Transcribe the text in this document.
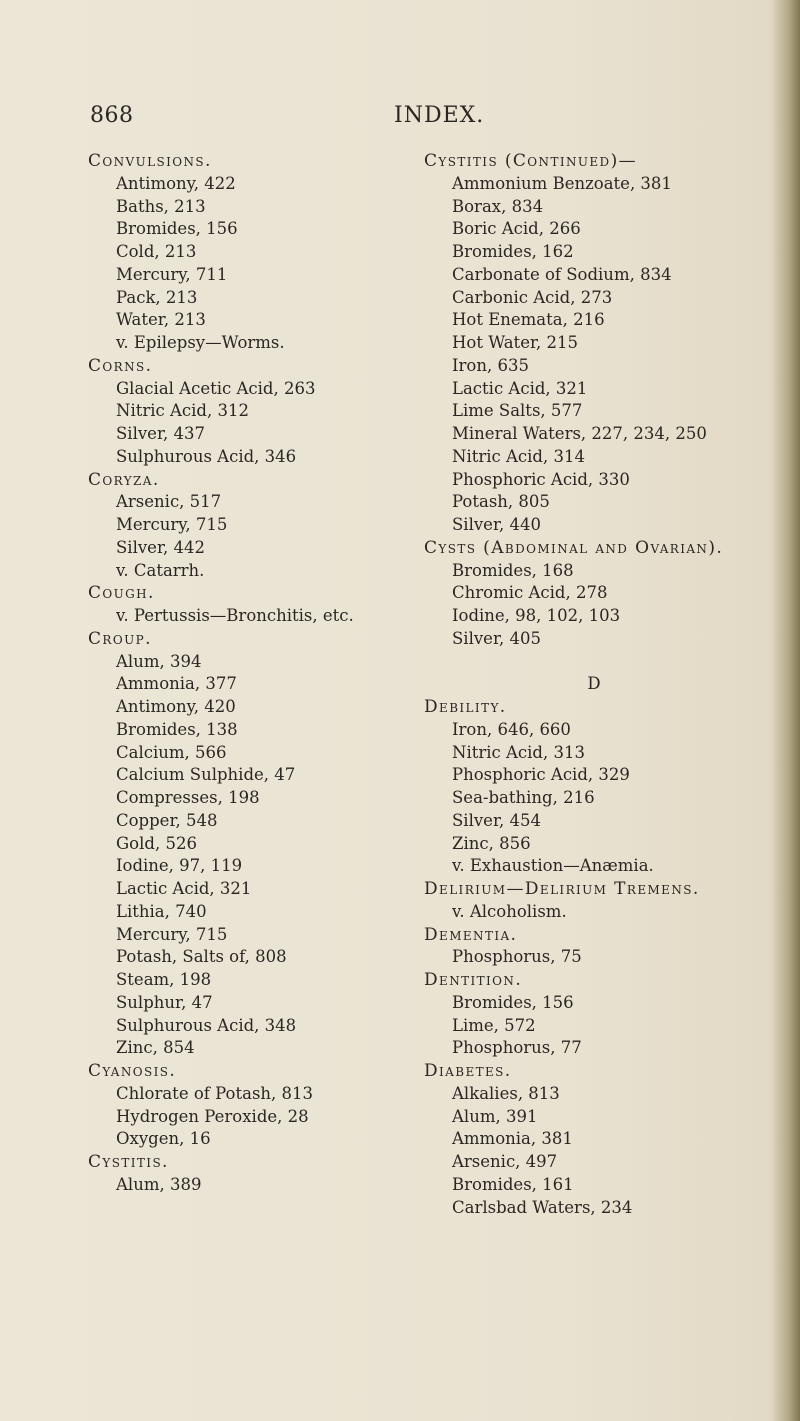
868	INDEX.
Convulsions.
Antimony, 422
Baths, 213
Bromides, 156
Cold, 213
Mercury, 711
Pack, 213
Water, 213
v. Epilepsy—Worms.
Corns.
Glacial Acetic Acid, 263
Nitric Acid, 312
Silver, 437
Sulphurous Acid, 346
Coryza.
Arsenic, 517
Mercury, 715
Silver, 442
v. Catarrh.
Cough.
v. Pertussis—Bronchitis, etc.
Croup.
Alum, 394
Ammonia, 377
Antimony, 420
Bromides, 138
Calcium, 566
Calcium Sulphide, 47
Compresses, 198
Copper, 548
Gold, 526
Iodine, 97, 119
Lactic Acid, 321
Lithia, 740
Mercury, 715
Potash, Salts of, 808
Steam, 198
Sulphur, 47
Sulphurous Acid, 348
Zinc, 854
Cyanosis.
Chlorate of Potash, 813
Hydrogen Peroxide, 28
Oxygen, 16
Cystitis.
Alum, 389
Cystitis (Continued)—
Ammonium Benzoate, 381
Borax, 834
Boric Acid, 266
Bromides, 162
Carbonate of Sodium, 834
Carbonic Acid, 273
Hot Enemata, 216
Hot Water, 215
Iron, 635
Lactic Acid, 321
Lime Salts, 577
Mineral Waters, 227, 234, 250
Nitric Acid, 314
Phosphoric Acid, 330
Potash, 805
Silver, 440
Cysts (Abdominal and Ovarian).
Bromides, 168
Chromic Acid, 278
Iodine, 98, 102, 103
Silver, 405
D
Debility.
Iron, 646, 660
Nitric Acid, 313
Phosphoric Acid, 329
Sea-bathing, 216
Silver, 454
Zinc, 856
v. Exhaustion—Anæmia.
Delirium—Delirium Tremens.
v. Alcoholism.
Dementia.
Phosphorus, 75
Dentition.
Bromides, 156
Lime, 572
Phosphorus, 77
Diabetes.
Alkalies, 813
Alum, 391
Ammonia, 381
Arsenic, 497
Bromides, 161
Carlsbad Waters, 234
